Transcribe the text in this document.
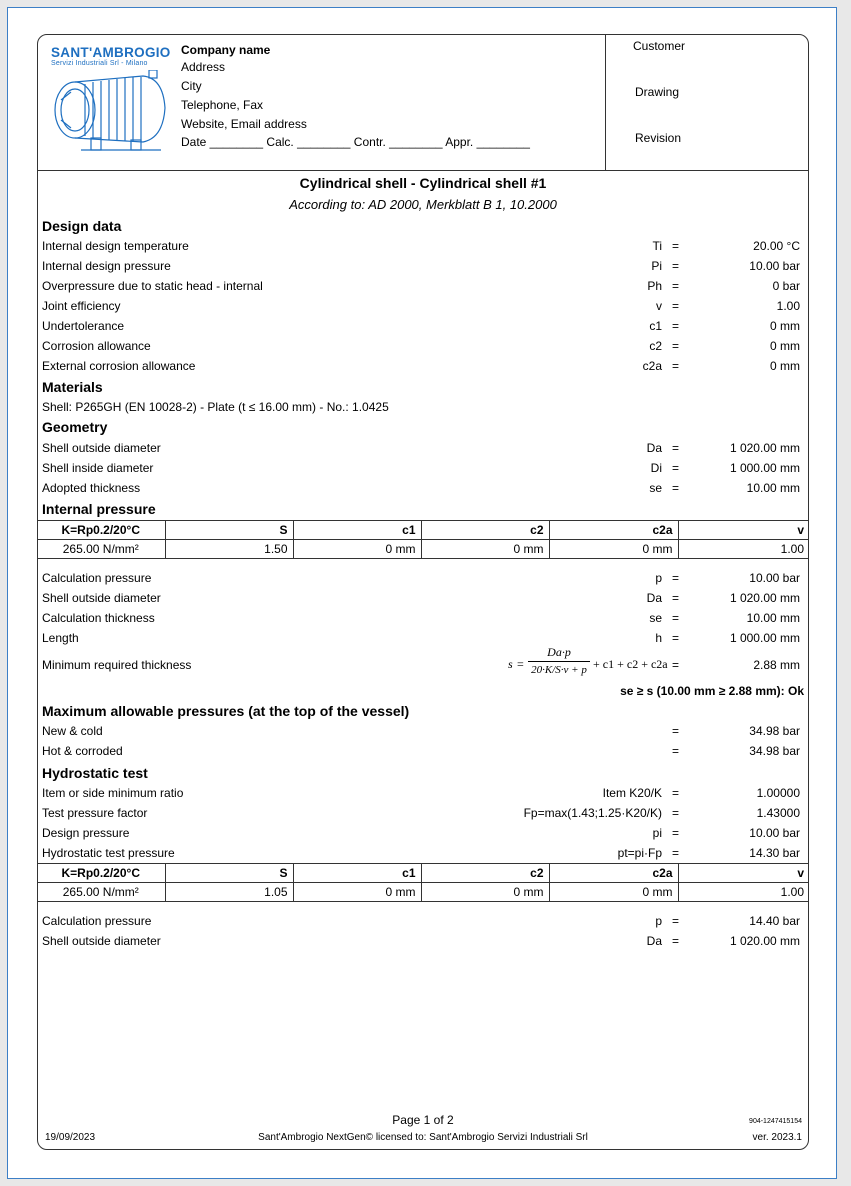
SANT'AMBROGIO
Servizi Industriali Srl - Milano
Company name
Address
City
Telephone, Fax
Website, Email address
Date ________ Calc. ________ Contr. ________ Appr. ________
Customer
Drawing
Revision
Cylindrical shell - Cylindrical shell #1
According to: AD 2000, Merkblatt B 1, 10.2000
Design data
Internal design temperature	Ti =	20.00 °C
Internal design pressure	Pi =	10.00 bar
Overpressure due to static head - internal	Ph =	0 bar
Joint efficiency	v =	1.00
Undertolerance	c1 =	0 mm
Corrosion allowance	c2 =	0 mm
External corrosion allowance	c2a =	0 mm
Materials
Shell: P265GH (EN 10028-2) - Plate (t ≤ 16.00 mm) - No.: 1.0425
Geometry
Shell outside diameter	Da =	1 020.00 mm
Shell inside diameter	Di =	1 000.00 mm
Adopted thickness	se =	10.00 mm
Internal pressure
K=Rp0.2/20°C	S	c1	c2	c2a	v
265.00 N/mm²	1.50	0 mm	0 mm	0 mm	1.00
Calculation pressure	p =	10.00 bar
Shell outside diameter	Da =	1 020.00 mm
Calculation thickness	se =	10.00 mm
Length	h =	1 000.00 mm
Minimum required thickness	s =
Da·p
20·K/S·v + p + c1 + c2 + c2a =	2.88 mm
se ≥ s (10.00 mm ≥ 2.88 mm): Ok
Maximum allowable pressures (at the top of the vessel)
New & cold	=	34.98 bar
Hot & corroded	=	34.98 bar
Hydrostatic test
Item or side minimum ratio	Item K20/K =	1.00000
Test pressure factor	Fp=max(1.43;1.25·K20/K) =	1.43000
Design pressure	pi =	10.00 bar
Hydrostatic test pressure	pt=pi·Fp =	14.30 bar
K=Rp0.2/20°C	S	c1	c2	c2a	v
265.00 N/mm²	1.05	0 mm	0 mm	0 mm	1.00
Calculation pressure	p =	14.40 bar
Shell outside diameter	Da =	1 020.00 mm
Page 1 of 2
19/09/2023	Sant'Ambrogio NextGen© licensed to: Sant'Ambrogio Servizi Industriali Srl
904-1247415154
ver. 2023.1
